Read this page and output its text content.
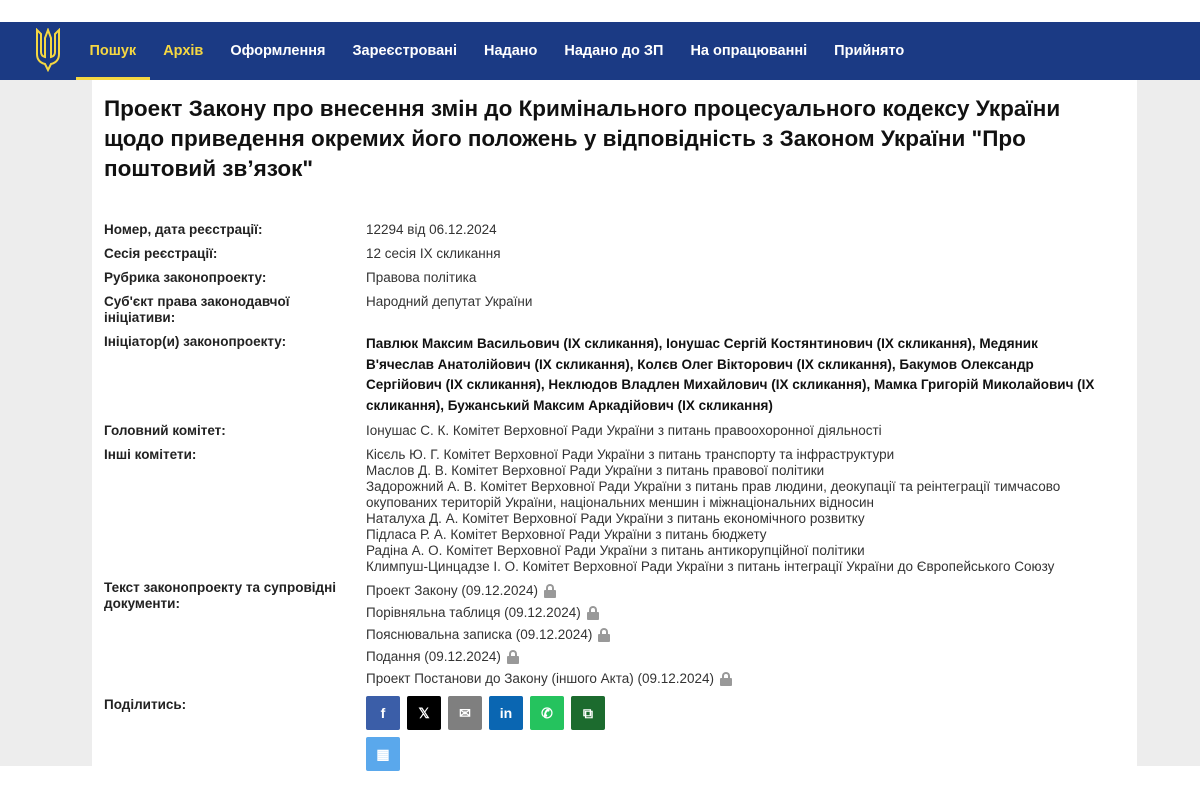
Пошук	Архів	Оформлення	Зареєстровані	Надано	Надано до ЗП	На опрацюванні	Прийнято
Проект Закону про внесення змін до Кримінального процесуального кодексу України щодо приведення окремих його положень у відповідність з Законом України "Про поштовий зв’язок"
Номер, дата реєстрації:	12294 від 06.12.2024
Сесія реєстрації:	12 сесія IX скликання
Рубрика законопроекту:	Правова політика
Суб'єкт права законодавчої ініціативи:
Народний депутат України
Ініціатор(и) законопроекту:	Павлюк Максим Васильович (IX скликання), Іонушас Сергій Костянтинович (IX скликання), Медяник В'ячеслав Анатолійович (IX скликання), Колєв Олег Вікторович (IX скликання), Бакумов Олександр Сергійович (IX скликання), Неклюдов Владлен Михайлович (IX скликання), Мамка Григорій Миколайович (IX скликання), Бужанський Максим Аркадійович (IX скликання)
Головний комітет:	Іонушас С. К. Комітет Верховної Ради України з питань правоохоронної діяльності
Інші комітети:	Кісєль Ю. Г. Комітет Верховної Ради України з питань транспорту та інфраструктури
Маслов Д. В. Комітет Верховної Ради України з питань правової політики
Задорожний А. В. Комітет Верховної Ради України з питань прав людини, деокупації та реінтеграції тимчасово окупованих територій України, національних меншин і міжнаціональних відносин
Наталуха Д. А. Комітет Верховної Ради України з питань економічного розвитку
Підласа Р. А. Комітет Верховної Ради України з питань бюджету
Радіна А. О. Комітет Верховної Ради України з питань антикорупційної політики
Климпуш-Цинцадзе І. О. Комітет Верховної Ради України з питань інтеграції України до Європейського Союзу
Текст законопроекту та супровідні документи:
Проект Закону (09.12.2024)
Порівняльна таблиця (09.12.2024)
Пояснювальна записка (09.12.2024)
Подання (09.12.2024)
Проект Постанови до Закону (іншого Акта) (09.12.2024)
Поділитись:
f 𝕏 ✉ in ✆ ⧉
▦
